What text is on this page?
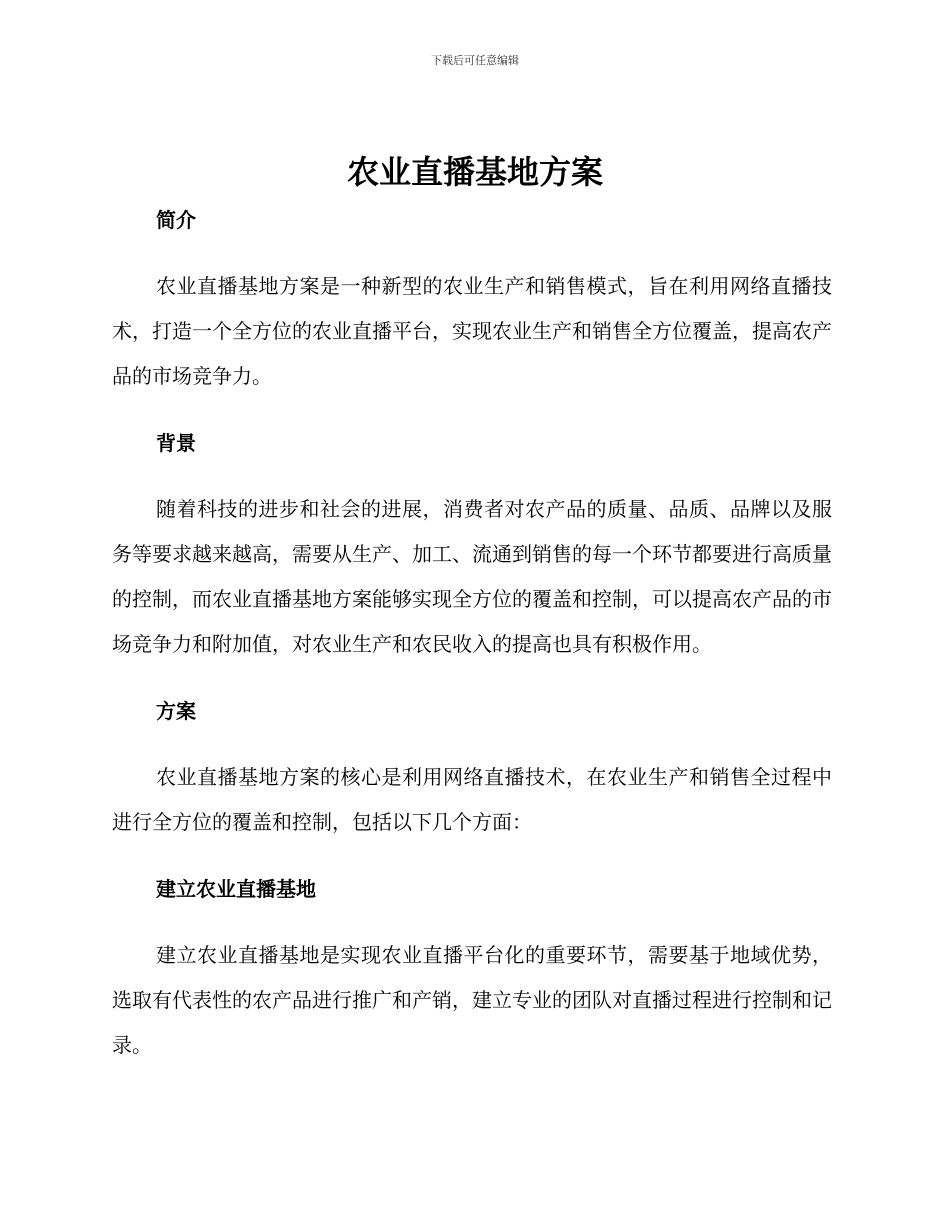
下载后可任意编辑
农业直播基地方案
简介

农业直播基地方案是一种新型的农业生产和销售模式，旨在利用网络直播技术，打造一个全方位的农业直播平台，实现农业生产和销售全方位覆盖，提高农产品的市场竞争力。

背景

随着科技的进步和社会的进展，消费者对农产品的质量、品质、品牌以及服务等要求越来越高，需要从生产、加工、流通到销售的每一个环节都要进行高质量的控制，而农业直播基地方案能够实现全方位的覆盖和控制，可以提高农产品的市场竞争力和附加值，对农业生产和农民收入的提高也具有积极作用。

方案

农业直播基地方案的核心是利用网络直播技术，在农业生产和销售全过程中进行全方位的覆盖和控制，包括以下几个方面：

建立农业直播基地

建立农业直播基地是实现农业直播平台化的重要环节，需要基于地域优势，选取有代表性的农产品进行推广和产销，建立专业的团队对直播过程进行控制和记录。
